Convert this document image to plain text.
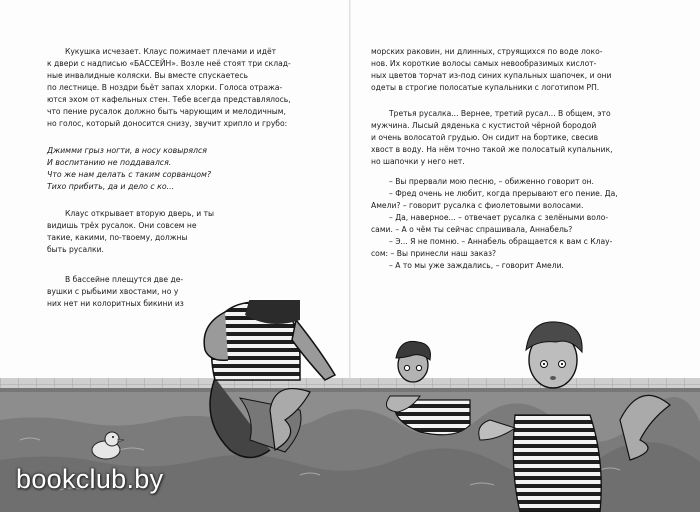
Кукушка исчезает. Клаус пожимает плечами и идёт
к двери с надписью «БАССЕЙН». Возле неё стоят три склад-
ные инвалидные коляски. Вы вместе спускаетесь
по лестнице. В ноздри бьёт запах хлорки. Голоса отража-
ются эхом от кафельных стен. Тебе всегда представлялось,
что пение русалок должно быть чарующим и мелодичным,
но голос, который доносится снизу, звучит хрипло и грубо:
Джимми грыз ногти, в носу ковырялся
И воспитанию не поддавался.
Что же нам делать с таким сорванцом?
Тихо прибить, да и дело с ко...
Клаус открывает вторую дверь, и ты
видишь трёх русалок. Они совсем не
такие, какими, по-твоему, должны
быть русалки.
В бассейне плещутся две де-
вушки с рыбьими хвостами, но у
них нет ни колоритных бикини из
морских раковин, ни длинных, струящихся по воде локо-
нов. Их короткие волосы самых невообразимых кислот-
ных цветов торчат из-под синих купальных шапочек, и они
одеты в строгие полосатые купальники с логотипом РП.
Третья русалка... Вернее, третий русал... В общем, это
мужчина. Лысый дяденька с кустистой чёрной бородой
и очень волосатой грудью. Он сидит на бортике, свесив
хвост в воду. На нём точно такой же полосатый купальник,
но шапочки у него нет.
– Вы прервали мою песню, – обиженно говорит он.
– Фред очень не любит, когда прерывают его пение. Да,
Амели? – говорит русалка с фиолетовыми волосами.
– Да, наверное... – отвечает русалка с зелёными воло-
сами. – А о чём ты сейчас спрашивала, Аннабель?
– Э... Я не помню. – Аннабель обращается к вам с Клау-
сом: – Вы принесли наш заказ?
– А то мы уже заждались, – говорит Амели.
bookclub.by
